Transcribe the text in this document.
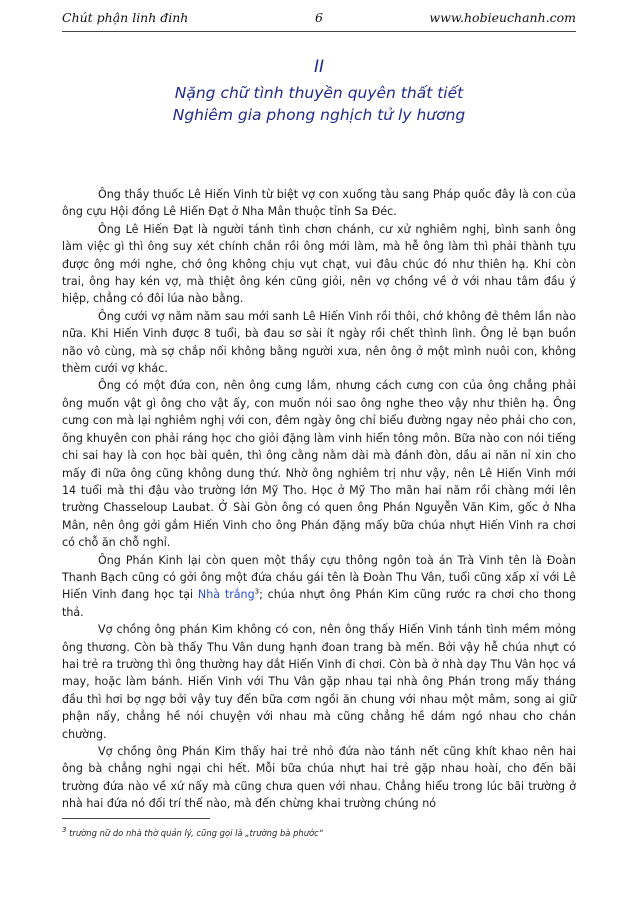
Chút phận linh đinh	6	www.hobieuchanh.com
II
Nặng chữ tình thuyền quyên thất tiết
Nghiêm gia phong nghịch tử ly hương

Ông thầy thuốc Lê Hiến Vinh từ biệt vợ con xuống tàu sang Pháp quốc đây là con của ông cựu Hội đồng Lê Hiến Đạt ở Nha Mân thuộc tỉnh Sa Đéc.

Ông Lê Hiến Đạt là người tánh tình chơn chánh, cư xử nghiêm nghị, bình sanh ông làm việc gì thì ông suy xét chính chắn rồi ông mới làm, mà hễ ông làm thì phải thành tựu được ông mới nghe, chớ ông không chịu vụt chạt, vui đâu chúc đó như thiên hạ. Khi còn trai, ông hay kén vợ, mà thiệt ông kén cũng giỏi, nên vợ chồng về ở với nhau tâm đầu ý hiệp, chẳng có đôi lúa nào bằng.

Ông cưới vợ năm năm sau mới sanh Lê Hiến Vinh rồi thôi, chớ không đẻ thêm lần nào nữa. Khi Hiến Vinh được 8 tuổi, bà đau sơ sài ít ngày rồi chết thình lình. Ông lẻ bạn buồn não vô cùng, mà sợ chắp nối không bằng người xưa, nên ông ở một mình nuôi con, không thèm cưới vợ khác.

Ông có một đứa con, nên ông cưng lắm, nhưng cách cưng con của ông chẳng phải ông muốn vật gì ông cho vật ấy, con muốn nói sao ông nghe theo vậy như thiên hạ. Ông cưng con mà lại nghiêm nghị với con, đêm ngày ông chỉ biểu đường ngay nẻo phải cho con, ông khuyên con phải ráng học cho giỏi đặng làm vinh hiển tông môn. Bữa nào con nói tiếng chi sai hay là con học bài quên, thì ông cằng nằm dài mà đánh đòn, dầu ai năn nỉ xin cho mấy đi nữa ông cũng không dung thứ. Nhờ ông nghiêm trị như vậy, nên Lê Hiến Vinh mới 14 tuổi mà thi đậu vào trường lớn Mỹ Tho. Học ở Mỹ Tho mãn hai năm rồi chàng mới lên trường Chasseloup Laubat. Ở Sài Gòn ông có quen ông Phán Nguyễn Văn Kim, gốc ở Nha Mân, nên ông gởi gắm Hiến Vinh cho ông Phán đặng mấy bữa chúa nhựt Hiến Vinh ra chơi có chỗ ăn chỗ nghỉ.

Ông Phán Kinh lại còn quen một thầy cựu thông ngôn toà án Trà Vinh tên là Đoàn Thanh Bạch cũng có gởi ông một đứa cháu gái tên là Đoàn Thu Vân, tuổi cũng xấp xỉ với Lê Hiến Vinh đang học tại Nhà trắng$^3$; chúa nhựt ông Phán Kim cũng rước ra chơi cho thong thả.

Vợ chồng ông phán Kim không có con, nên ông thấy Hiến Vinh tánh tình mềm mỏng ông thương. Còn bà thấy Thu Vân dung hạnh đoan trang bà mến. Bởi vậy hễ chúa nhựt có hai trẻ ra trường thì ông thường hay dắt Hiến Vinh đi chơi. Còn bà ở nhà dạy Thu Vân học vá may, hoặc làm bánh. Hiến Vinh với Thu Vân gặp nhau tại nhà ông Phán trong mấy tháng đầu thì hơi bợ ngợ bởi vậy tuy đến bữa cơm ngồi ăn chung với nhau một mâm, song ai giữ phận nấy, chẳng hề nói chuyện với nhau mà cũng chẳng hề dám ngó nhau cho chán chường.

Vợ chồng ông Phán Kim thấy hai trẻ nhỏ đứa nào tánh nết cũng khít khao nên hai ông bà chẳng nghi ngại chi hết. Mỗi bữa chúa nhựt hai trẻ gặp nhau hoài, cho đến bãi trường đứa nào về xứ nấy mà cũng chưa quen với nhau. Chẳng hiểu trong lúc bãi trường ở nhà hai đứa nó đối trí thế nào, mà đến chừng khai trường chúng nó

$^3$ trường nữ do nhà thờ quản lý, cũng gọi là „trường bà phước“
